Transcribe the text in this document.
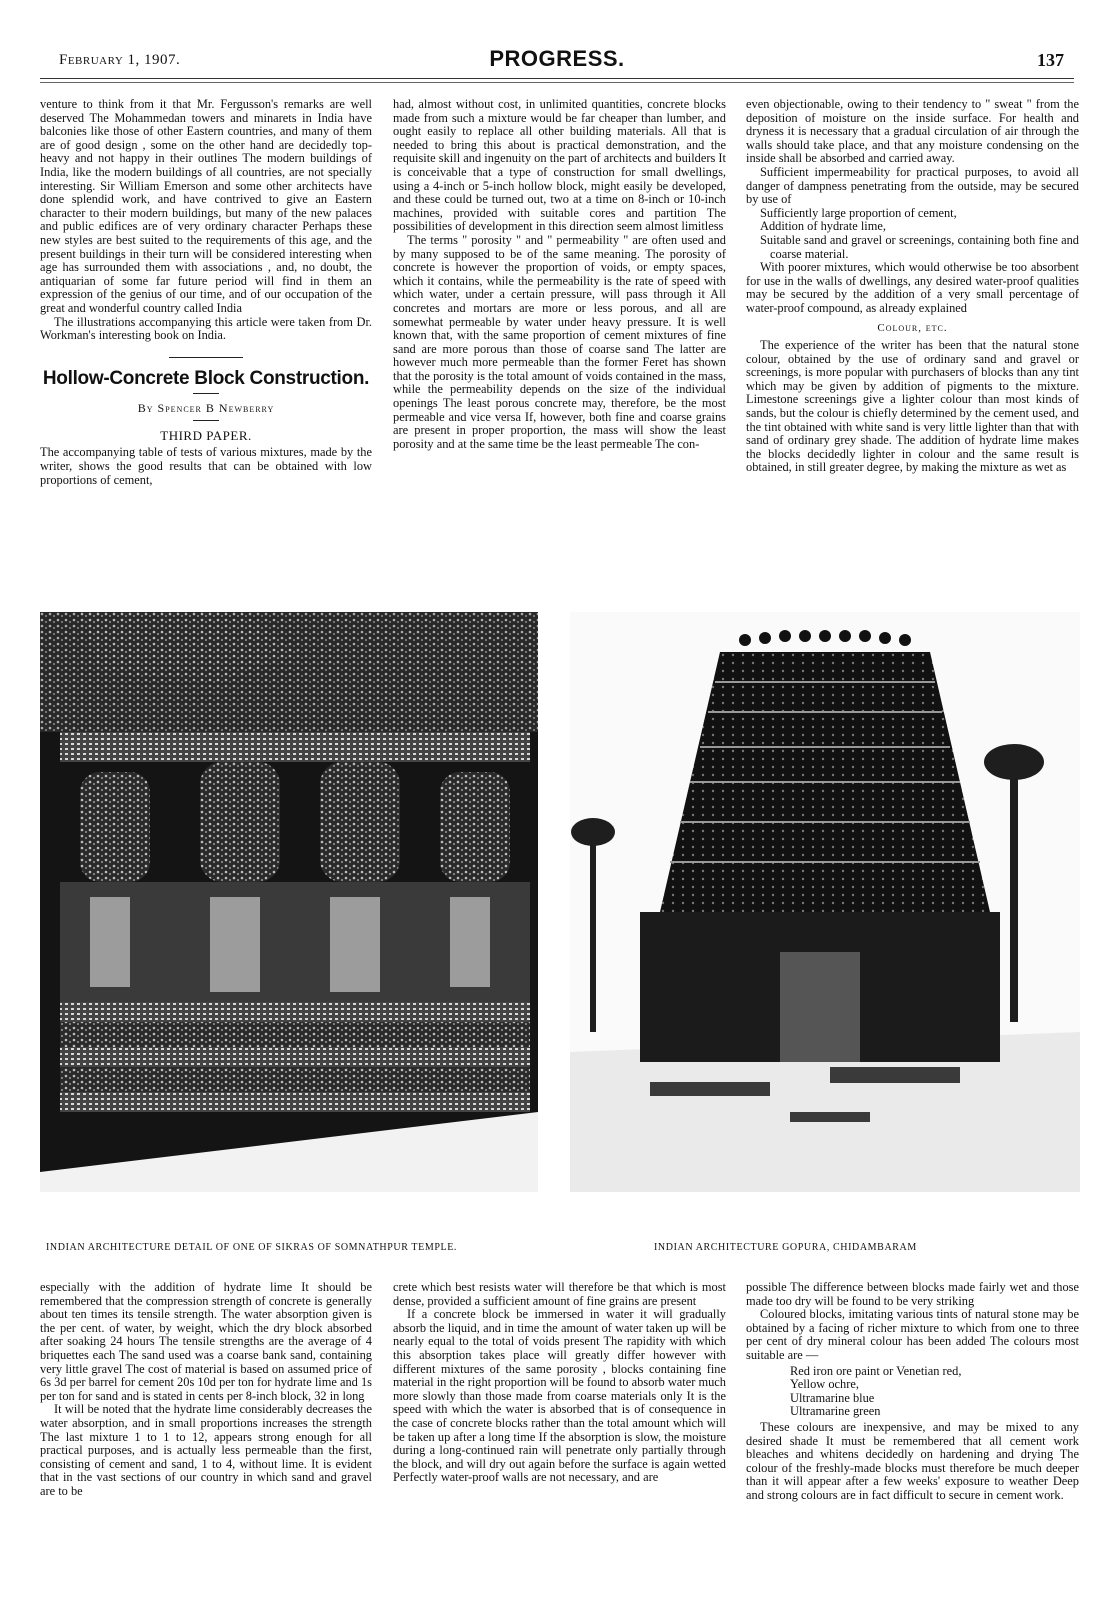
February 1, 1907.	PROGRESS.	137

venture to think from it that Mr. Fergusson's remarks are well deserved The Mohammedan towers and minarets in India have balconies like those of other Eastern countries, and many of them are of good design , some on the other hand are decidedly top-heavy and not happy in their outlines The modern buildings of India, like the modern buildings of all countries, are not specially interesting. Sir William Emerson and some other architects have done splendid work, and have contrived to give an Eastern character to their modern buildings, but many of the new palaces and public edifices are of very ordinary character Perhaps these new styles are best suited to the requirements of this age, and the present buildings in their turn will be considered interesting when age has surrounded them with associations , and, no doubt, the antiquarian of some far future period will find in them an expression of the genius of our time, and of our occupation of the great and wonderful country called India

The illustrations accompanying this article were taken from Dr. Workman's interesting book on India.

Hollow-Concrete Block Construction.
By Spencer B Newberry
THIRD PAPER.

The accompanying table of tests of various mixtures, made by the writer, shows the good results that can be obtained with low proportions of cement,

had, almost without cost, in unlimited quantities, concrete blocks made from such a mixture would be far cheaper than lumber, and ought easily to replace all other building materials. All that is needed to bring this about is practical demonstration, and the requisite skill and ingenuity on the part of architects and builders It is conceivable that a type of construction for small dwellings, using a 4-inch or 5-inch hollow block, might easily be developed, and these could be turned out, two at a time on 8-inch or 10-inch machines, provided with suitable cores and partition The possibilities of development in this direction seem almost limitless

The terms " porosity " and " permeability " are often used and by many supposed to be of the same meaning. The porosity of concrete is however the proportion of voids, or empty spaces, which it contains, while the permeability is the rate of speed with which water, under a certain pressure, will pass through it All concretes and mortars are more or less porous, and all are somewhat permeable by water under heavy pressure. It is well known that, with the same proportion of cement mixtures of fine sand are more porous than those of coarse sand The latter are however much more permeable than the former Feret has shown that the porosity is the total amount of voids contained in the mass, while the permeability depends on the size of the individual openings The least porous concrete may, therefore, be the most permeable and vice versa If, however, both fine and coarse grains are present in proper proportion, the mass will show the least porosity and at the same time be the least permeable The con-

even objectionable, owing to their tendency to " sweat " from the deposition of moisture on the inside surface. For health and dryness it is necessary that a gradual circulation of air through the walls should take place, and that any moisture condensing on the inside shall be absorbed and carried away.

Sufficient impermeability for practical purposes, to avoid all danger of dampness penetrating from the outside, may be secured by use of

Sufficiently large proportion of cement,
Addition of hydrate lime,
Suitable sand and gravel or screenings, containing both fine and coarse material.

With poorer mixtures, which would otherwise be too absorbent for use in the walls of dwellings, any desired water-proof qualities may be secured by the addition of a very small percentage of water-proof compound, as already explained

Colour, etc.

The experience of the writer has been that the natural stone colour, obtained by the use of ordinary sand and gravel or screenings, is more popular with purchasers of blocks than any tint which may be given by addition of pigments to the mixture. Limestone screenings give a lighter colour than most kinds of sands, but the colour is chiefly determined by the cement used, and the tint obtained with white sand is very little lighter than that with sand of ordinary grey shade. The addition of hydrate lime makes the blocks decidedly lighter in colour and the same result is obtained, in still greater degree, by making the mixture as wet as

INDIAN ARCHITECTURE DETAIL OF ONE OF SIKRAS OF SOMNATHPUR TEMPLE.	INDIAN ARCHITECTURE GOPURA, CHIDAMBARAM

especially with the addition of hydrate lime It should be remembered that the compression strength of concrete is generally about ten times its tensile strength. The water absorption given is the per cent. of water, by weight, which the dry block absorbed after soaking 24 hours The tensile strengths are the average of 4 briquettes each The sand used was a coarse bank sand, containing very little gravel The cost of material is based on assumed price of 6s 3d per barrel for cement 20s 10d per ton for hydrate lime and 1s per ton for sand and is stated in cents per 8-inch block, 32 in long

It will be noted that the hydrate lime considerably decreases the water absorption, and in small proportions increases the strength The last mixture 1 to 1 to 12, appears strong enough for all practical purposes, and is actually less permeable than the first, consisting of cement and sand, 1 to 4, without lime. It is evident that in the vast sections of our country in which sand and gravel are to be

crete which best resists water will therefore be that which is most dense, provided a sufficient amount of fine grains are present

If a concrete block be immersed in water it will gradually absorb the liquid, and in time the amount of water taken up will be nearly equal to the total of voids present The rapidity with which this absorption takes place will greatly differ however with different mixtures of the same porosity , blocks containing fine material in the right proportion will be found to absorb water much more slowly than those made from coarse materials only It is the speed with which the water is absorbed that is of consequence in the case of concrete blocks rather than the total amount which will be taken up after a long time If the absorption is slow, the moisture during a long-continued rain will penetrate only partially through the block, and will dry out again before the surface is again wetted Perfectly water-proof walls are not necessary, and are

possible The difference between blocks made fairly wet and those made too dry will be found to be very striking

Coloured blocks, imitating various tints of natural stone may be obtained by a facing of richer mixture to which from one to three per cent of dry mineral colour has been added The colours most suitable are —

Red iron ore paint or Venetian red,
Yellow ochre,
Ultramarine blue
Ultramarine green

These colours are inexpensive, and may be mixed to any desired shade It must be remembered that all cement work bleaches and whitens decidedly on hardening and drying The colour of the freshly-made blocks must therefore be much deeper than it will appear after a few weeks' exposure to weather Deep and strong colours are in fact difficult to secure in cement work.
